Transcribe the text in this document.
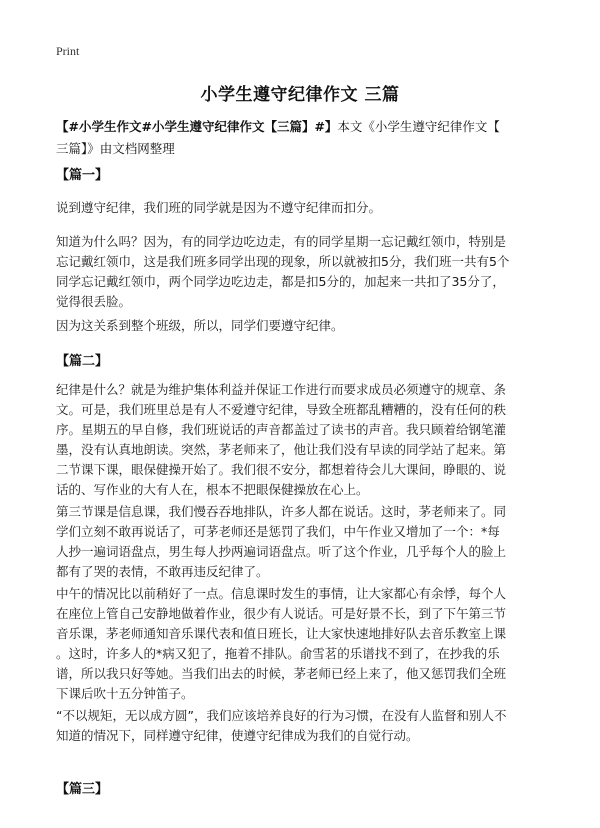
Print
小学生遵守纪律作文 三篇
【#小学生作文#小学生遵守纪律作文【三篇】#】本文《小学生遵守纪律作文【
三篇】》由文档网整理
【篇一】
说到遵守纪律，我们班的同学就是因为不遵守纪律而扣分。
知道为什么吗？因为，有的同学边吃边走，有的同学星期一忘记戴红领巾，特别是
忘记戴红领巾，这是我们班多同学出现的现象，所以就被扣5分，我们班一共有5个
同学忘记戴红领巾，两个同学边吃边走，都是扣5分的，加起来一共扣了35分了，
觉得很丢脸。
因为这关系到整个班级，所以，同学们要遵守纪律。
【篇二】
纪律是什么？就是为维护集体利益并保证工作进行而要求成员必须遵守的规章、条
文。可是，我们班里总是有人不爱遵守纪律，导致全班都乱糟糟的，没有任何的秩
序。星期五的早自修，我们班说话的声音都盖过了读书的声音。我只顾着给钢笔灌
墨，没有认真地朗读。突然，茅老师来了，他让我们没有早读的同学站了起来。第
二节课下课，眼保健操开始了。我们很不安分，都想着待会儿大课间，睁眼的、说
话的、写作业的大有人在，根本不把眼保健操放在心上。
第三节课是信息课，我们慢吞吞地排队，许多人都在说话。这时，茅老师来了。同
学们立刻不敢再说话了，可茅老师还是惩罚了我们，中午作业又增加了一个：*每
人抄一遍词语盘点，男生每人抄两遍词语盘点。听了这个作业，几乎每个人的脸上
都有了哭的表情，不敢再违反纪律了。
中午的情况比以前稍好了一点。信息课时发生的事情，让大家都心有余悸，每个人
在座位上管自己安静地做着作业，很少有人说话。可是好景不长，到了下午第三节
音乐课，茅老师通知音乐课代表和值日班长，让大家快速地排好队去音乐教室上课
。这时，许多人的*病又犯了，拖着不排队。俞雪茗的乐谱找不到了，在抄我的乐
谱，所以我只好等她。当我们出去的时候，茅老师已经上来了，他又惩罚我们全班
下课后吹十五分钟笛子。
“不以规矩，无以成方圆”，我们应该培养良好的行为习惯，在没有人监督和别人不
知道的情况下，同样遵守纪律，使遵守纪律成为我们的自觉行动。
【篇三】
